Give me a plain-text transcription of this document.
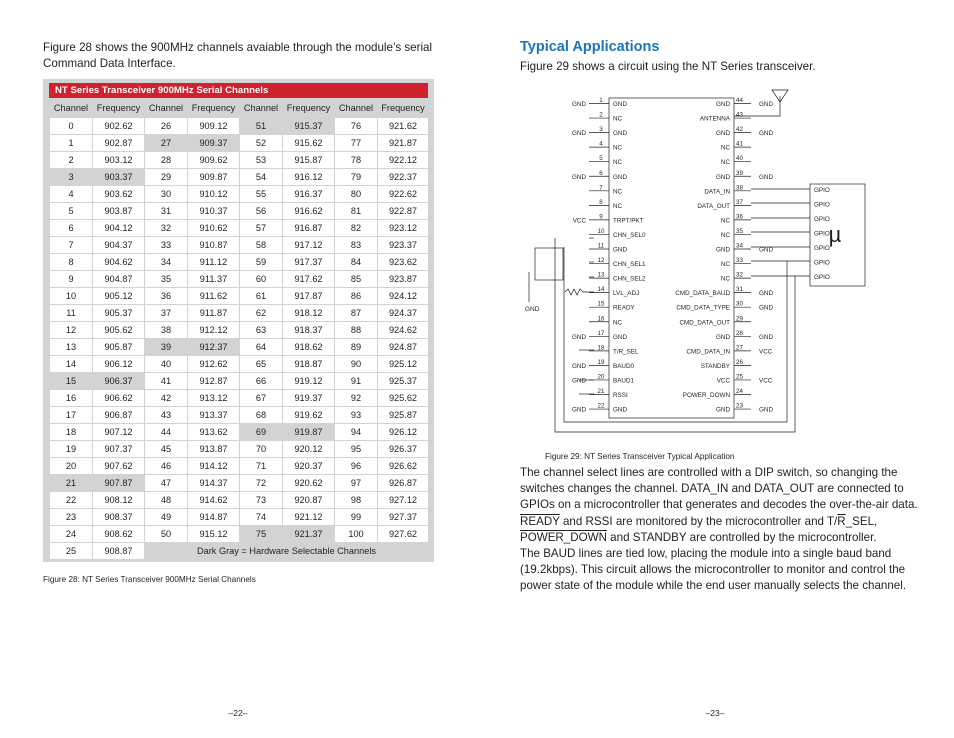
Figure 28 shows the 900MHz channels avaiable through the module’s serial Command Data Interface.

NT Series Transceiver 900MHz Serial Channels
Channel	Frequency	Channel	Frequency	Channel	Frequency	Channel	Frequency
0	902.62	26	909.12	51	915.37	76	921.62
1	902.87	27	909.37	52	915.62	77	921.87
2	903.12	28	909.62	53	915.87	78	922.12
3	903.37	29	909.87	54	916.12	79	922.37
4	903.62	30	910.12	55	916.37	80	922.62
5	903.87	31	910.37	56	916.62	81	922.87
6	904.12	32	910.62	57	916.87	82	923.12
7	904.37	33	910.87	58	917.12	83	923.37
8	904.62	34	911.12	59	917.37	84	923.62
9	904.87	35	911.37	60	917.62	85	923.87
10	905.12	36	911.62	61	917.87	86	924.12
11	905.37	37	911.87	62	918.12	87	924.37
12	905.62	38	912.12	63	918.37	88	924.62
13	905.87	39	912.37	64	918.62	89	924.87
14	906.12	40	912.62	65	918.87	90	925.12
15	906.37	41	912.87	66	919.12	91	925.37
16	906.62	42	913.12	67	919.37	92	925.62
17	906.87	43	913.37	68	919.62	93	925.87
18	907.12	44	913.62	69	919.87	94	926.12
19	907.37	45	913.87	70	920.12	95	926.37
20	907.62	46	914.12	71	920.37	96	926.62
21	907.87	47	914.37	72	920.62	97	926.87
22	908.12	48	914.62	73	920.87	98	927.12
23	908.37	49	914.87	74	921.12	99	927.37
24	908.62	50	915.12	75	921.37	100	927.62
25	908.87	Dark Gray = Hardware Selectable Channels					

Figure 28: NT Series Transceiver 900MHz Serial Channels

–22–
Typical Applications

Figure 29 shows a circuit using the NT Series transceiver.

1
GND
GND
2
NC
3
GND
GND
4
NC
5
NC
6
GND
GND
7
NC
8
NC
9
TRPT/PKT
VCC
10
CHN_SEL0
11
GND
12
CHN_SEL1
13
CHN_SEL2
14
LVL_ADJ
15
READY
16
NC
17
GND
GND
18
T/R_SEL
19
BAUD0
GND
20
BAUD1
GND
21
RSSI
22
GND
GND
44
GND	GND
43
ANTENNA
42
GND	GND
41
NC
40
NC
39
GND	GND
38
DATA_IN
37
DATA_OUT
36
NC
35
NC
34
GND	GND
33
NC
32
NC
31
CMD_DATA_BAUD	GND
30
CMD_DATA_TYPE	GND
29
CMD_DATA_OUT
28
GND	GND
27
CMD_DATA_IN	VCC
26
STANDBY
25
VCC	VCC
24
POWER_DOWN
23
GND	GND
GPIO
GPIO
GPIO
GPIO
GPIO
GPIO
GPIO
µ
GND

Figure 29: NT Series Transceiver Typical Application

The channel select lines are controlled with a DIP switch, so changing the switches changes the channel. DATA_IN and DATA_OUT are connected to GPIOs on a microcontroller that generates and decodes the over-the-air data. READY and RSSI are monitored by the microcontroller and $T/\overline{R}\_SEL$, POWER_DOWN and STANDBY are controlled by the microcontroller.
The BAUD lines are tied low, placing the module into a single baud band (19.2kbps). This circuit allows the microcontroller to monitor and control the power state of the module while the end user manually selects the channel.

–23–
